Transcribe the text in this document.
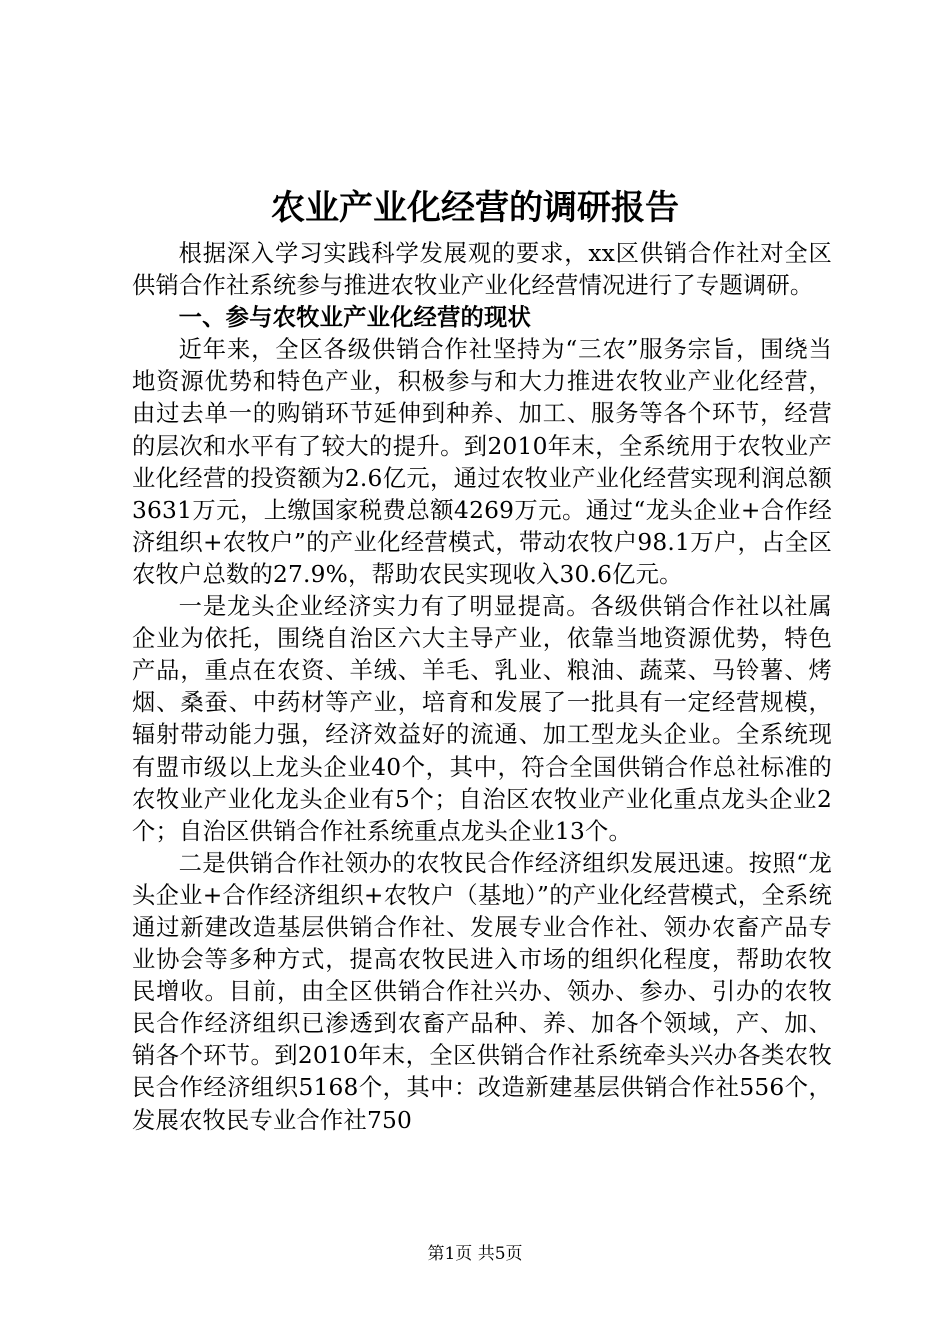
农业产业化经营的调研报告

根据深入学习实践科学发展观的要求，xx区供销合作社对全区供销合作社系统参与推进农牧业产业化经营情况进行了专题调研。

一、参与农牧业产业化经营的现状

近年来，全区各级供销合作社坚持为“三农”服务宗旨，围绕当地资源优势和特色产业，积极参与和大力推进农牧业产业化经营，由过去单一的购销环节延伸到种养、加工、服务等各个环节，经营的层次和水平有了较大的提升。到2010年末，全系统用于农牧业产业化经营的投资额为2.6亿元，通过农牧业产业化经营实现利润总额3631万元，上缴国家税费总额4269万元。通过“龙头企业+合作经济组织+农牧户”的产业化经营模式，带动农牧户98.1万户，占全区农牧户总数的27.9%，帮助农民实现收入30.6亿元。

一是龙头企业经济实力有了明显提高。各级供销合作社以社属企业为依托，围绕自治区六大主导产业，依靠当地资源优势，特色产品，重点在农资、羊绒、羊毛、乳业、粮油、蔬菜、马铃薯、烤烟、桑蚕、中药材等产业，培育和发展了一批具有一定经营规模，辐射带动能力强，经济效益好的流通、加工型龙头企业。全系统现有盟市级以上龙头企业40个，其中，符合全国供销合作总社标准的农牧业产业化龙头企业有5个；自治区农牧业产业化重点龙头企业2个；自治区供销合作社系统重点龙头企业13个。

二是供销合作社领办的农牧民合作经济组织发展迅速。按照“龙头企业+合作经济组织+农牧户（基地）”的产业化经营模式，全系统通过新建改造基层供销合作社、发展专业合作社、领办农畜产品专业协会等多种方式，提高农牧民进入市场的组织化程度，帮助农牧民增收。目前，由全区供销合作社兴办、领办、参办、引办的农牧民合作经济组织已渗透到农畜产品种、养、加各个领域，产、加、销各个环节。到2010年末，全区供销合作社系统牵头兴办各类农牧民合作经济组织5168个，其中：改造新建基层供销合作社556个，发展农牧民专业合作社750

第1页 共5页
